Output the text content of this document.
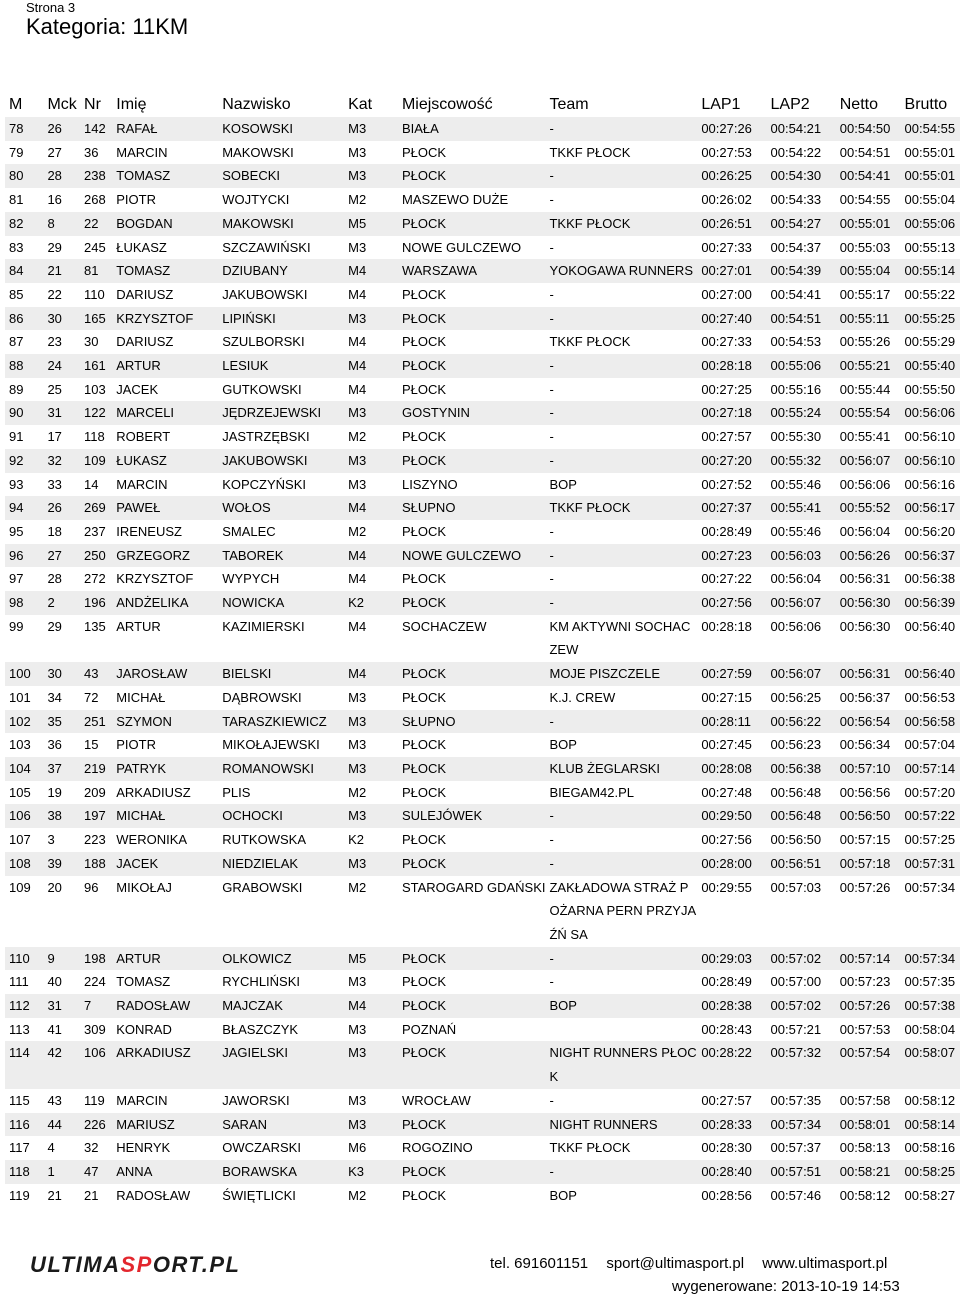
Strona 3
Kategoria: 11KM
M	Mck	Nr	Imię	Nazwisko	Kat	Miejscowość	Team	LAP1	LAP2	Netto	Brutto
78	26	142	RAFAŁ	KOSOWSKI	M3	BIAŁA	-	00:27:26	00:54:21	00:54:50	00:54:55
79	27	36	MARCIN	MAKOWSKI	M3	PŁOCK	TKKF PŁOCK	00:27:53	00:54:22	00:54:51	00:55:01
80	28	238	TOMASZ	SOBECKI	M3	PŁOCK	-	00:26:25	00:54:30	00:54:41	00:55:01
81	16	268	PIOTR	WOJTYCKI	M2	MASZEWO DUŻE	-	00:26:02	00:54:33	00:54:55	00:55:04
82	8	22	BOGDAN	MAKOWSKI	M5	PŁOCK	TKKF PŁOCK	00:26:51	00:54:27	00:55:01	00:55:06
83	29	245	ŁUKASZ	SZCZAWIŃSKI	M3	NOWE GULCZEWO	-	00:27:33	00:54:37	00:55:03	00:55:13
84	21	81	TOMASZ	DZIUBANY	M4	WARSZAWA	YOKOGAWA RUNNERS	00:27:01	00:54:39	00:55:04	00:55:14
85	22	110	DARIUSZ	JAKUBOWSKI	M4	PŁOCK	-	00:27:00	00:54:41	00:55:17	00:55:22
86	30	165	KRZYSZTOF	LIPIŃSKI	M3	PŁOCK	-	00:27:40	00:54:51	00:55:11	00:55:25
87	23	30	DARIUSZ	SZULBORSKI	M4	PŁOCK	TKKF PŁOCK	00:27:33	00:54:53	00:55:26	00:55:29
88	24	161	ARTUR	LESIUK	M4	PŁOCK	-	00:28:18	00:55:06	00:55:21	00:55:40
89	25	103	JACEK	GUTKOWSKI	M4	PŁOCK	-	00:27:25	00:55:16	00:55:44	00:55:50
90	31	122	MARCELI	JĘDRZEJEWSKI	M3	GOSTYNIN	-	00:27:18	00:55:24	00:55:54	00:56:06
91	17	118	ROBERT	JASTRZĘBSKI	M2	PŁOCK	-	00:27:57	00:55:30	00:55:41	00:56:10
92	32	109	ŁUKASZ	JAKUBOWSKI	M3	PŁOCK	-	00:27:20	00:55:32	00:56:07	00:56:10
93	33	14	MARCIN	KOPCZYŃSKI	M3	LISZYNO	BOP	00:27:52	00:55:46	00:56:06	00:56:16
94	26	269	PAWEŁ	WOŁOS	M4	SŁUPNO	TKKF PŁOCK	00:27:37	00:55:41	00:55:52	00:56:17
95	18	237	IRENEUSZ	SMALEC	M2	PŁOCK	-	00:28:49	00:55:46	00:56:04	00:56:20
96	27	250	GRZEGORZ	TABOREK	M4	NOWE GULCZEWO	-	00:27:23	00:56:03	00:56:26	00:56:37
97	28	272	KRZYSZTOF	WYPYCH	M4	PŁOCK	-	00:27:22	00:56:04	00:56:31	00:56:38
98	2	196	ANDŻELIKA	NOWICKA	K2	PŁOCK	-	00:27:56	00:56:07	00:56:30	00:56:39
99	29	135	ARTUR	KAZIMIERSKI	M4	SOCHACZEW	KM AKTYWNI SOCHACZEW	00:28:18	00:56:06	00:56:30	00:56:40
100	30	43	JAROSŁAW	BIELSKI	M4	PŁOCK	MOJE PISZCZELE	00:27:59	00:56:07	00:56:31	00:56:40
101	34	72	MICHAŁ	DĄBROWSKI	M3	PŁOCK	K.J. CREW	00:27:15	00:56:25	00:56:37	00:56:53
102	35	251	SZYMON	TARASZKIEWICZ	M3	SŁUPNO	-	00:28:11	00:56:22	00:56:54	00:56:58
103	36	15	PIOTR	MIKOŁAJEWSKI	M3	PŁOCK	BOP	00:27:45	00:56:23	00:56:34	00:57:04
104	37	219	PATRYK	ROMANOWSKI	M3	PŁOCK	KLUB ŻEGLARSKI	00:28:08	00:56:38	00:57:10	00:57:14
105	19	209	ARKADIUSZ	PLIS	M2	PŁOCK	BIEGAM42.PL	00:27:48	00:56:48	00:56:56	00:57:20
106	38	197	MICHAŁ	OCHOCKI	M3	SULEJÓWEK	-	00:29:50	00:56:48	00:56:50	00:57:22
107	3	223	WERONIKA	RUTKOWSKA	K2	PŁOCK	-	00:27:56	00:56:50	00:57:15	00:57:25
108	39	188	JACEK	NIEDZIELAK	M3	PŁOCK	-	00:28:00	00:56:51	00:57:18	00:57:31
109	20	96	MIKOŁAJ	GRABOWSKI	M2	STAROGARD GDAŃSKI	ZAKŁADOWA STRAŻ POŻARNA PERN PRZYJAŹŃ SA	00:29:55	00:57:03	00:57:26	00:57:34
110	9	198	ARTUR	OLKOWICZ	M5	PŁOCK	-	00:29:03	00:57:02	00:57:14	00:57:34
111	40	224	TOMASZ	RYCHLIŃSKI	M3	PŁOCK	-	00:28:49	00:57:00	00:57:23	00:57:35
112	31	7	RADOSŁAW	MAJCZAK	M4	PŁOCK	BOP	00:28:38	00:57:02	00:57:26	00:57:38
113	41	309	KONRAD	BŁASZCZYK	M3	POZNAŃ		00:28:43	00:57:21	00:57:53	00:58:04
114	42	106	ARKADIUSZ	JAGIELSKI	M3	PŁOCK	NIGHT RUNNERS PŁOCK	00:28:22	00:57:32	00:57:54	00:58:07
115	43	119	MARCIN	JAWORSKI	M3	WROCŁAW	-	00:27:57	00:57:35	00:57:58	00:58:12
116	44	226	MARIUSZ	SARAN	M3	PŁOCK	NIGHT RUNNERS	00:28:33	00:57:34	00:58:01	00:58:14
117	4	32	HENRYK	OWCZARSKI	M6	ROGOZINO	TKKF PŁOCK	00:28:30	00:57:37	00:58:13	00:58:16
118	1	47	ANNA	BORAWSKA	K3	PŁOCK	-	00:28:40	00:57:51	00:58:21	00:58:25
119	21	21	RADOSŁAW	ŚWIĘTLICKI	M2	PŁOCK	BOP	00:28:56	00:57:46	00:58:12	00:58:27
ULTIMASPORT.PL	tel. 691601151 sport@ultimasport.pl www.ultimasport.pl
wygenerowane: 2013-10-19 14:53
